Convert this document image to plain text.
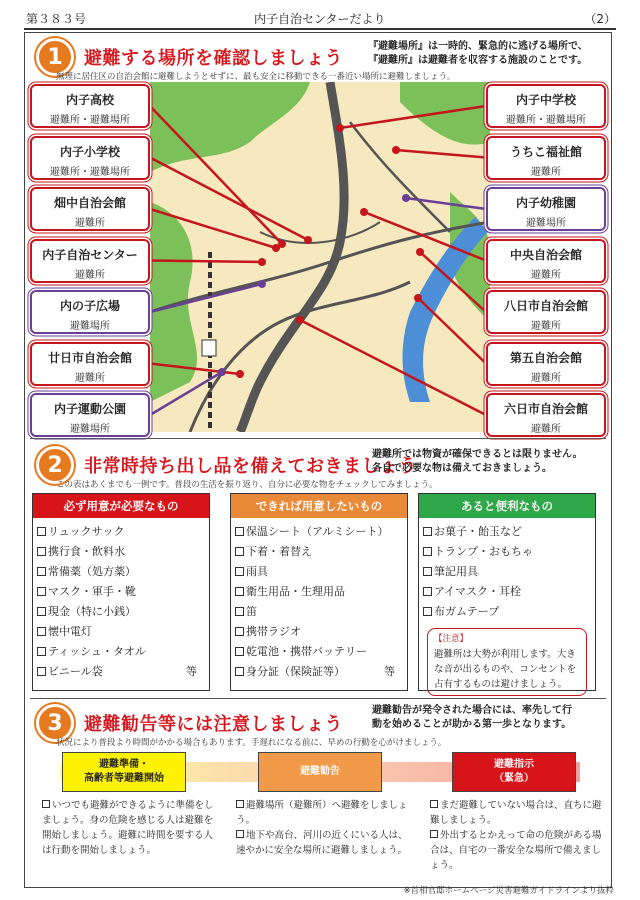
第３８３号	内子自治センターだより	（2）
1	避難する場所を確認しましょう
『避難場所』は一時的、緊急的に逃げる場所で、
『避難所』は避難者を収容する施設のことです。
無理に居住区の自治会館に避難しようとせずに、最も安全に移動できる一番近い場所に避難しましょう。
内子高校
避難所・避難場所
内子小学校
避難所・避難場所
畑中自治会館
避難所
内子自治センター
避難所
内の子広場
避難場所
廿日市自治会館
避難所
内子運動公園
避難場所
内子中学校
避難所・避難場所
うちこ福祉館
避難所
内子幼稚園
避難場所
中央自治会館
避難所
八日市自治会館
避難所
第五自治会館
避難所
六日市自治会館
避難所
2	非常時持ち出し品を備えておきましょう
避難所では物資が確保できるとは限りません。
各自で必要な物は備えておきましょう。
この表はあくまでも一例です。普段の生活を振り返り、自分に必要な物をチェックしてみましょう。
必ず用意が必要なもの
リュックサック
携行食・飲料水
常備薬（処方薬）
マスク・軍手・靴
現金（特に小銭）
懐中電灯
ティッシュ・タオル
ビニール袋	等
できれば用意したいもの
保温シート（アルミシート）
下着・着替え
雨具
衛生用品・生理用品
笛
携帯ラジオ
乾電池・携帯バッテリー
身分証（保険証等）	等
あると便利なもの
お菓子・飴玉など
トランプ・おもちゃ
筆記用具
アイマスク・耳栓
布ガムテープ
【注意】
避難所は大勢が利用します。大きな音が出るものや、コンセントを占有するものは避けましょう。
3	避難勧告等には注意しましょう
避難勧告が発令された場合には、率先して行
動を始めることが助かる第一歩となります。
状況により普段より時間がかかる場合もあります。手遅れになる前に、早めの行動を心がけましょう。
避難準備・
高齢者等避難開始
避難勧告
避難指示
（緊急）
いつでも避難ができるように準備をしましょう。身の危険を感じる人は避難を開始しましょう。避難に時間を要する人は行動を開始しましょう。
避難場所（避難所）へ避難をしましょう。
地下や高台、河川の近くにいる人は、速やかに安全な場所に避難しましょう。
まだ避難していない場合は、直ちに避難しましょう。
外出するとかえって命の危険がある場合は、自宅の一番安全な場所で備えましょう。
※首相官邸ホームページ災害避難ガイドラインより抜粋
